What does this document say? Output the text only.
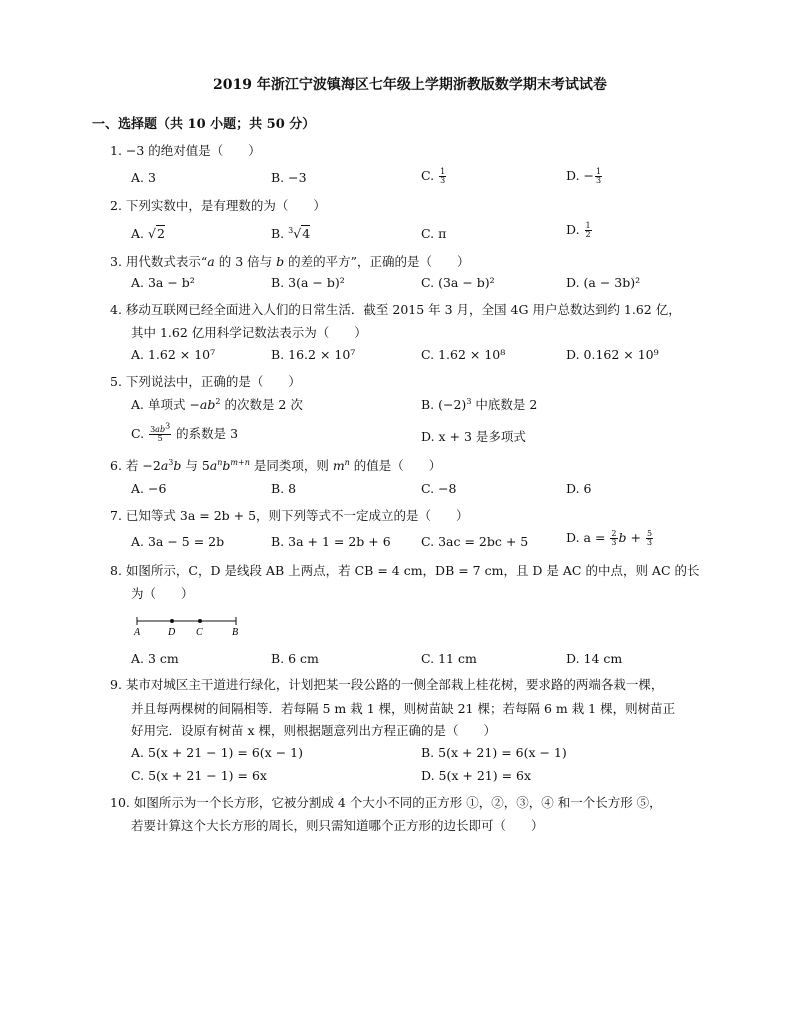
2019 年浙江宁波镇海区七年级上学期浙教版数学期末考试试卷
一、选择题（共 10 小题；共 50 分）
1. −3 的绝对值是（　　）
A. 3	B. −3	C. $\frac{1}{3}$	D. − $\frac{1}{3}$
2. 下列实数中，是有理数的为（　　）
A. √2	B. $^3$√4	C. π	D. $\frac{1}{2}$
3. 用代数式表示“a 的 3 倍与 b 的差的平方”，正确的是（　　）
A. 3a − b²	B. 3(a − b)²	C. (3a − b)²	D. (a − 3b)²
4. 移动互联网已经全面进入人们的日常生活．截至 2015 年 3 月，全国 4G 用户总数达到约 1.62 亿，
其中 1.62 亿用科学记数法表示为（　　）
A. 1.62 × 10⁷	B. 16.2 × 10⁷	C. 1.62 × 10⁸	D. 0.162 × 10⁹
5. 下列说法中，正确的是（　　）
A. 单项式 $-ab^2$ 的次数是 2 次	B. $(-2)^3$ 中底数是 2
C. $\frac{3ab^3}{5}$ 的系数是 3	D. x + 3 是多项式
6. 若 $-2a^3b$ 与 $5a^nb^{m+n}$ 是同类项，则 $m^n$ 的值是（　　）
A. −6	B. 8	C. −8	D. 6
7. 已知等式 3a = 2b + 5，则下列等式不一定成立的是（　　）
A. 3a − 5 = 2b	B. 3a + 1 = 2b + 6 C. 3ac = 2bc + 5	D. $a = \frac{2}{3}$ $b + \frac{5}{3}$
8. 如图所示，C，D 是线段 AB 上两点，若 CB = 4 cm，DB = 7 cm，且 D 是 AC 的中点，则 AC 的长
为（　　）
A	D C	B
A. 3 cm	B. 6 cm	C. 11 cm	D. 14 cm
9. 某市对城区主干道进行绿化，计划把某一段公路的一侧全部栽上桂花树，要求路的两端各栽一棵，
并且每两棵树的间隔相等．若每隔 5 m 栽 1 棵，则树苗缺 21 棵；若每隔 6 m 栽 1 棵，则树苗正
好用完．设原有树苗 x 棵，则根据题意列出方程正确的是（　　）
A. 5(x + 21 − 1) = 6(x − 1)	B. 5(x + 21) = 6(x − 1)
C. 5(x + 21 − 1) = 6x	D. 5(x + 21) = 6x
10. 如图所示为一个长方形，它被分割成 4 个大小不同的正方形 ①，②，③，④ 和一个长方形 ⑤，
若要计算这个大长方形的周长，则只需知道哪个正方形的边长即可（　　）
